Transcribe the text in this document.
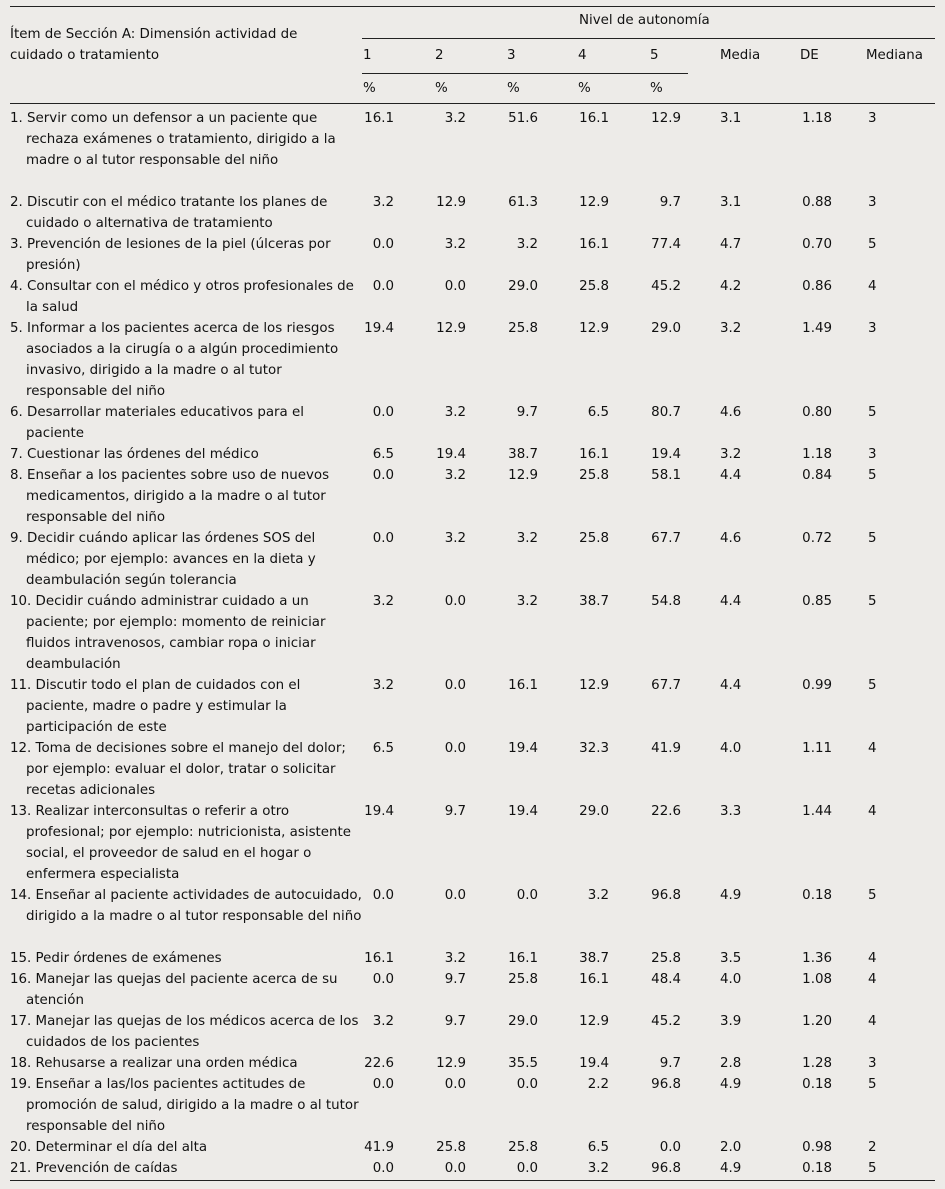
Ítem de Sección A: Dimensión actividad de cuidado o tratamiento
Nivel de autonomía
1	2	3	4	5	Media	DE	Mediana
%	%	%	%	%
1. Servir como un defensor a un paciente que rechaza exámenes o tratamiento, dirigido a la madre o al tutor responsable del niño
16.1	3.2	51.6	16.1	12.9	3.1	1.18	3
2. Discutir con el médico tratante los planes de cuidado o alternativa de tratamiento
3.2	12.9	61.3	12.9	9.7	3.1	0.88	3
3. Prevención de lesiones de la piel (úlceras por presión)
0.0	3.2	3.2	16.1	77.4	4.7	0.70	5
4. Consultar con el médico y otros profesionales de la salud
0.0	0.0	29.0	25.8	45.2	4.2	0.86	4
5. Informar a los pacientes acerca de los riesgos asociados a la cirugía o a algún procedimiento invasivo, dirigido a la madre o al tutor responsable del niño
19.4	12.9	25.8	12.9	29.0	3.2	1.49	3
6. Desarrollar materiales educativos para el paciente
0.0	3.2	9.7	6.5	80.7	4.6	0.80	5
7. Cuestionar las órdenes del médico	6.5	19.4	38.7	16.1	19.4	3.2	1.18	3
8. Enseñar a los pacientes sobre uso de nuevos medicamentos, dirigido a la madre o al tutor responsable del niño
0.0	3.2	12.9	25.8	58.1	4.4	0.84	5
9. Decidir cuándo aplicar las órdenes SOS del médico; por ejemplo: avances en la dieta y deambulación según tolerancia
0.0	3.2	3.2	25.8	67.7	4.6	0.72	5
10. Decidir cuándo administrar cuidado a un paciente; por ejemplo: momento de reiniciar fluidos intravenosos, cambiar ropa o iniciar deambulación
3.2	0.0	3.2	38.7	54.8	4.4	0.85	5
11. Discutir todo el plan de cuidados con el paciente, madre o padre y estimular la participación de este
3.2	0.0	16.1	12.9	67.7	4.4	0.99	5
12. Toma de decisiones sobre el manejo del dolor; por ejemplo: evaluar el dolor, tratar o solicitar recetas adicionales
6.5	0.0	19.4	32.3	41.9	4.0	1.11	4
13. Realizar interconsultas o referir a otro profesional; por ejemplo: nutricionista, asistente social, el proveedor de salud en el hogar o enfermera especialista
19.4	9.7	19.4	29.0	22.6	3.3	1.44	4
14. Enseñar al paciente actividades de autocuidado, dirigido a la madre o al tutor responsable del niño
0.0	0.0	0.0	3.2	96.8	4.9	0.18	5
15. Pedir órdenes de exámenes	16.1	3.2	16.1	38.7	25.8	3.5	1.36	4
16. Manejar las quejas del paciente acerca de su atención
0.0	9.7	25.8	16.1	48.4	4.0	1.08	4
17. Manejar las quejas de los médicos acerca de los cuidados de los pacientes
3.2	9.7	29.0	12.9	45.2	3.9	1.20	4
18. Rehusarse a realizar una orden médica	22.6	12.9	35.5	19.4	9.7	2.8	1.28	3
19. Enseñar a las/los pacientes actitudes de promoción de salud, dirigido a la madre o al tutor responsable del niño
0.0	0.0	0.0	2.2	96.8	4.9	0.18	5
20. Determinar el día del alta	41.9	25.8	25.8	6.5	0.0	2.0	0.98	2
21. Prevención de caídas	0.0	0.0	0.0	3.2	96.8	4.9	0.18	5
